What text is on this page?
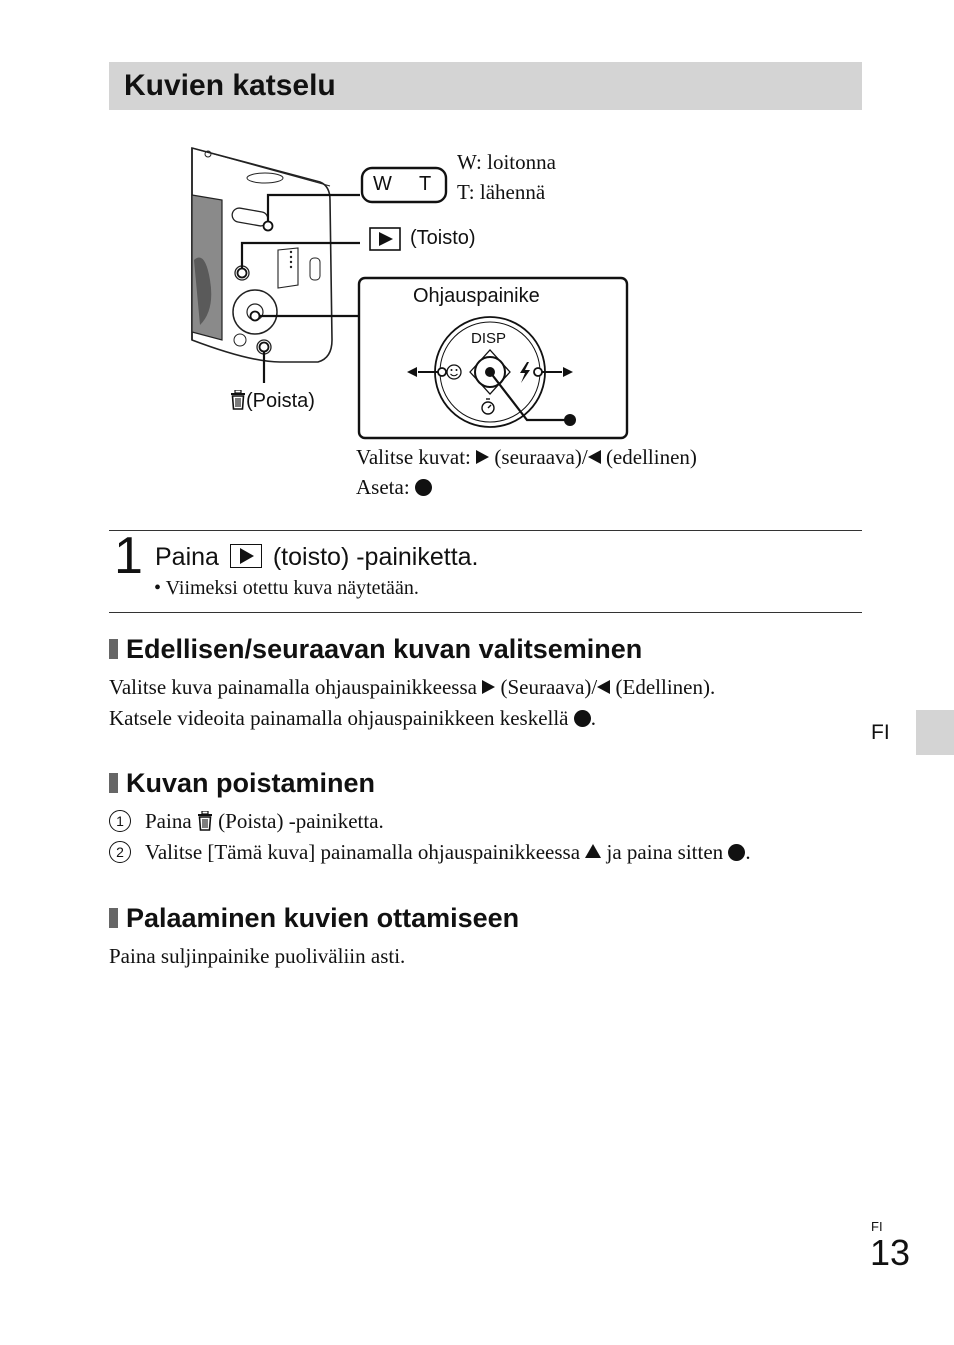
Kuvien katselu
W T
W: loitonna
T: lähennä
(Toisto)
Ohjauspainike
DISP
(Poista)
Valitse kuvat: (seuraava)/ (edellinen)
Aseta:
1 Paina (toisto) -painiketta.
• Viimeksi otettu kuva näytetään.
Edellisen/seuraavan kuvan valitseminen
Valitse kuva painamalla ohjauspainikkeessa (Seuraava)/ (Edellinen).
Katsele videoita painamalla ohjauspainikkeen keskellä .
Kuvan poistaminen
1	Paina (Poista) -painiketta.
2	Valitse [Tämä kuva] painamalla ohjauspainikkeessa ja paina sitten .
Palaaminen kuvien ottamiseen
Paina suljinpainike puoliväliin asti.
FI
FI
13
